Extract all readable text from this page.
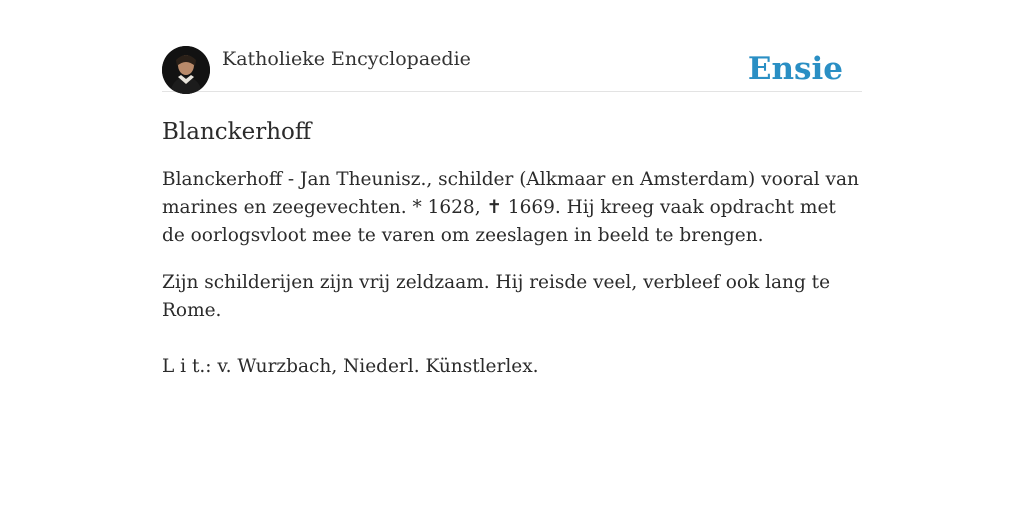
Katholieke Encyclopaedie	Ensie
Blanckerhoff

Blanckerhoff - Jan Theunisz., schilder (Alkmaar en Amsterdam) vooral van marines en zeegevechten. * 1628, ✝ 1669. Hij kreeg vaak opdracht met de oorlogsvloot mee te varen om zeeslagen in beeld te brengen.

Zijn schilderijen zijn vrij zeldzaam. Hij reisde veel, verbleef ook lang te Rome.

L i t.: v. Wurzbach, Niederl. Künstlerlex.
